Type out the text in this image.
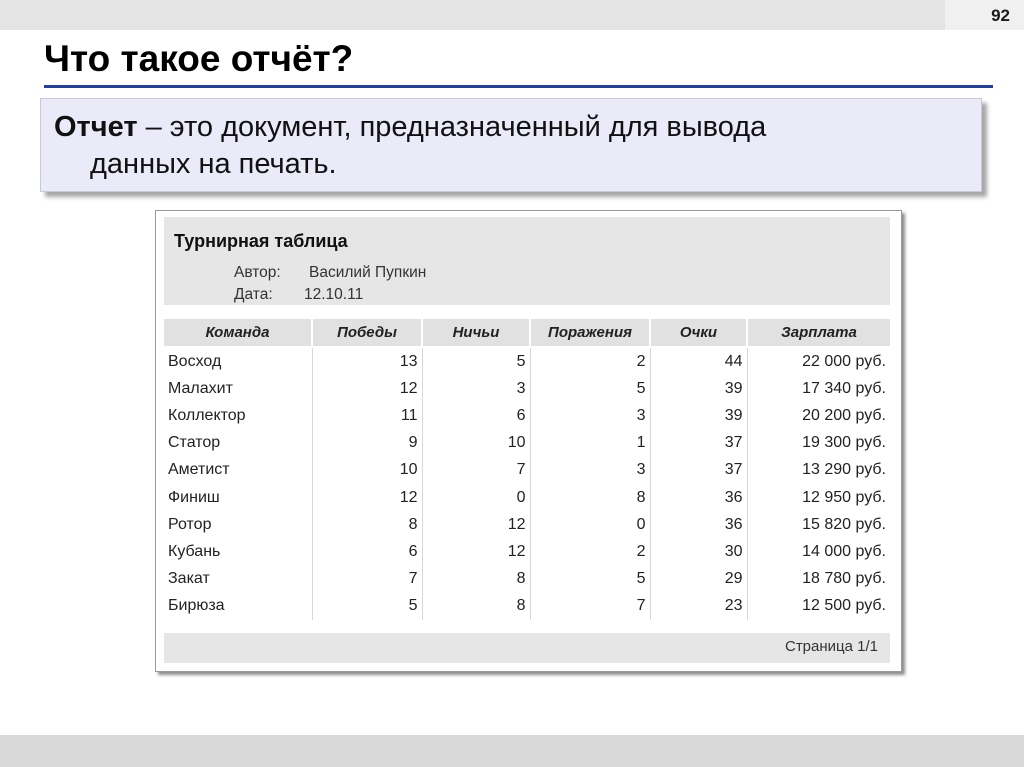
92
Что такое отчёт?
Отчет – это документ, предназначенный для вывода
данных на печать.
Турнирная таблица
Автор: Василий Пупкин
Дата: 12.10.11
Команда	Победы	Ничьи	Поражения	Очки	Зарплата
Восход	13	5	2	44	22 000 руб.
Малахит	12	3	5	39	17 340 руб.
Коллектор	11	6	3	39	20 200 руб.
Статор	9	10	1	37	19 300 руб.
Аметист	10	7	3	37	13 290 руб.
Финиш	12	0	8	36	12 950 руб.
Ротор	8	12	0	36	15 820 руб.
Кубань	6	12	2	30	14 000 руб.
Закат	7	8	5	29	18 780 руб.
Бирюза	5	8	7	23	12 500 руб.
Страница 1/1
